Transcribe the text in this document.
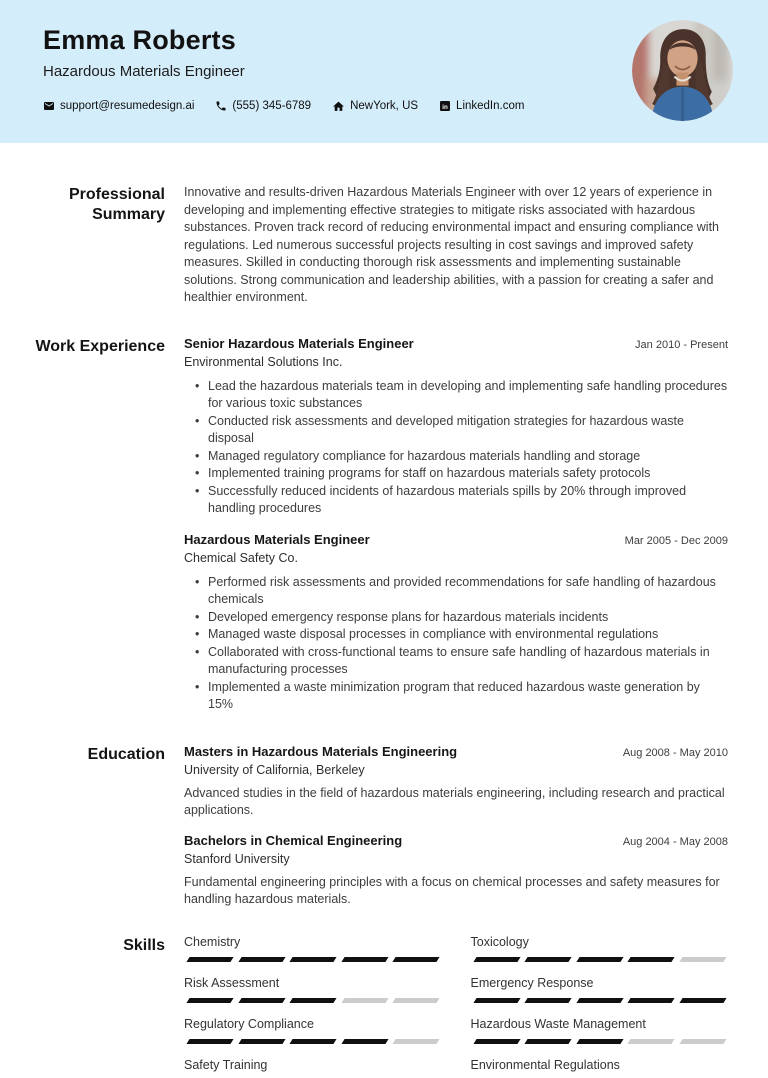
Emma Roberts
Hazardous Materials Engineer
support@resumedesign.ai	(555) 345-6789	NewYork, US in LinkedIn.com
Professional Summary

Innovative and results-driven Hazardous Materials Engineer with over 12 years of experience in developing and implementing effective strategies to mitigate risks associated with hazardous substances. Proven track record of reducing environmental impact and ensuring compliance with regulations. Led numerous successful projects resulting in cost savings and improved safety measures. Skilled in conducting thorough risk assessments and implementing sustainable solutions. Strong communication and leadership abilities, with a passion for creating a safer and healthier environment.

Work Experience Senior Hazardous Materials Engineer	Jan 2010 - Present
Environmental Solutions Inc.
• Lead the hazardous materials team in developing and implementing safe handling procedures for various toxic substances
• Conducted risk assessments and developed mitigation strategies for hazardous waste disposal
• Managed regulatory compliance for hazardous materials handling and storage
• Implemented training programs for staff on hazardous materials safety protocols
• Successfully reduced incidents of hazardous materials spills by 20% through improved handling procedures
Hazardous Materials Engineer	Mar 2005 - Dec 2009
Chemical Safety Co.
• Performed risk assessments and provided recommendations for safe handling of hazardous chemicals
• Developed emergency response plans for hazardous materials incidents
• Managed waste disposal processes in compliance with environmental regulations
• Collaborated with cross-functional teams to ensure safe handling of hazardous materials in manufacturing processes
• Implemented a waste minimization program that reduced hazardous waste generation by 15%
Education Masters in Hazardous Materials Engineering	Aug 2008 - May 2010
University of California, Berkeley

Advanced studies in the field of hazardous materials engineering, including research and practical applications.

Bachelors in Chemical Engineering	Aug 2004 - May 2008
Stanford University

Fundamental engineering principles with a focus on chemical processes and safety measures for handling hazardous materials.

Skills Chemistry	Toxicology
Risk Assessment	Emergency Response
Regulatory Compliance	Hazardous Waste Management
Safety Training	Environmental Regulations
